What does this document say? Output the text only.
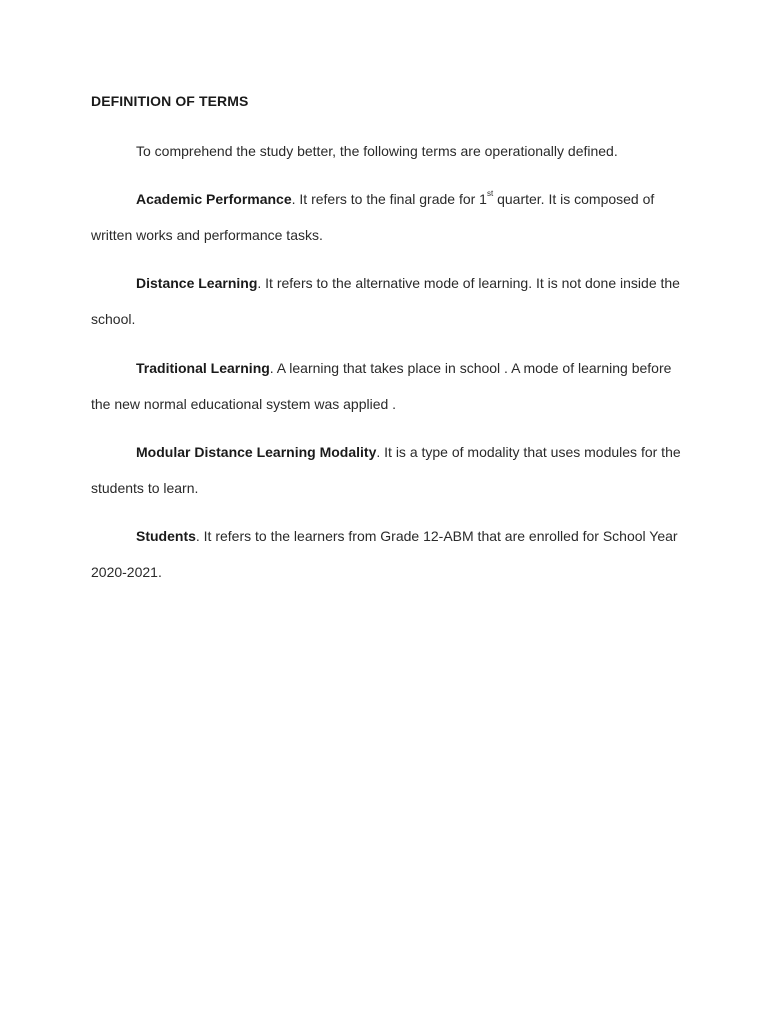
DEFINITION OF TERMS

To comprehend the study better, the following terms are operationally defined.

Academic Performance. It refers to the final grade for 1st quarter. It is composed of written works and performance tasks.

Distance Learning. It refers to the alternative mode of learning. It is not done inside the school.

Traditional Learning. A learning that takes place in school . A mode of learning before the new normal educational system was applied .

Modular Distance Learning Modality. It is a type of modality that uses modules for the students to learn.

Students. It refers to the learners from Grade 12-ABM that are enrolled for School Year 2020-2021.
